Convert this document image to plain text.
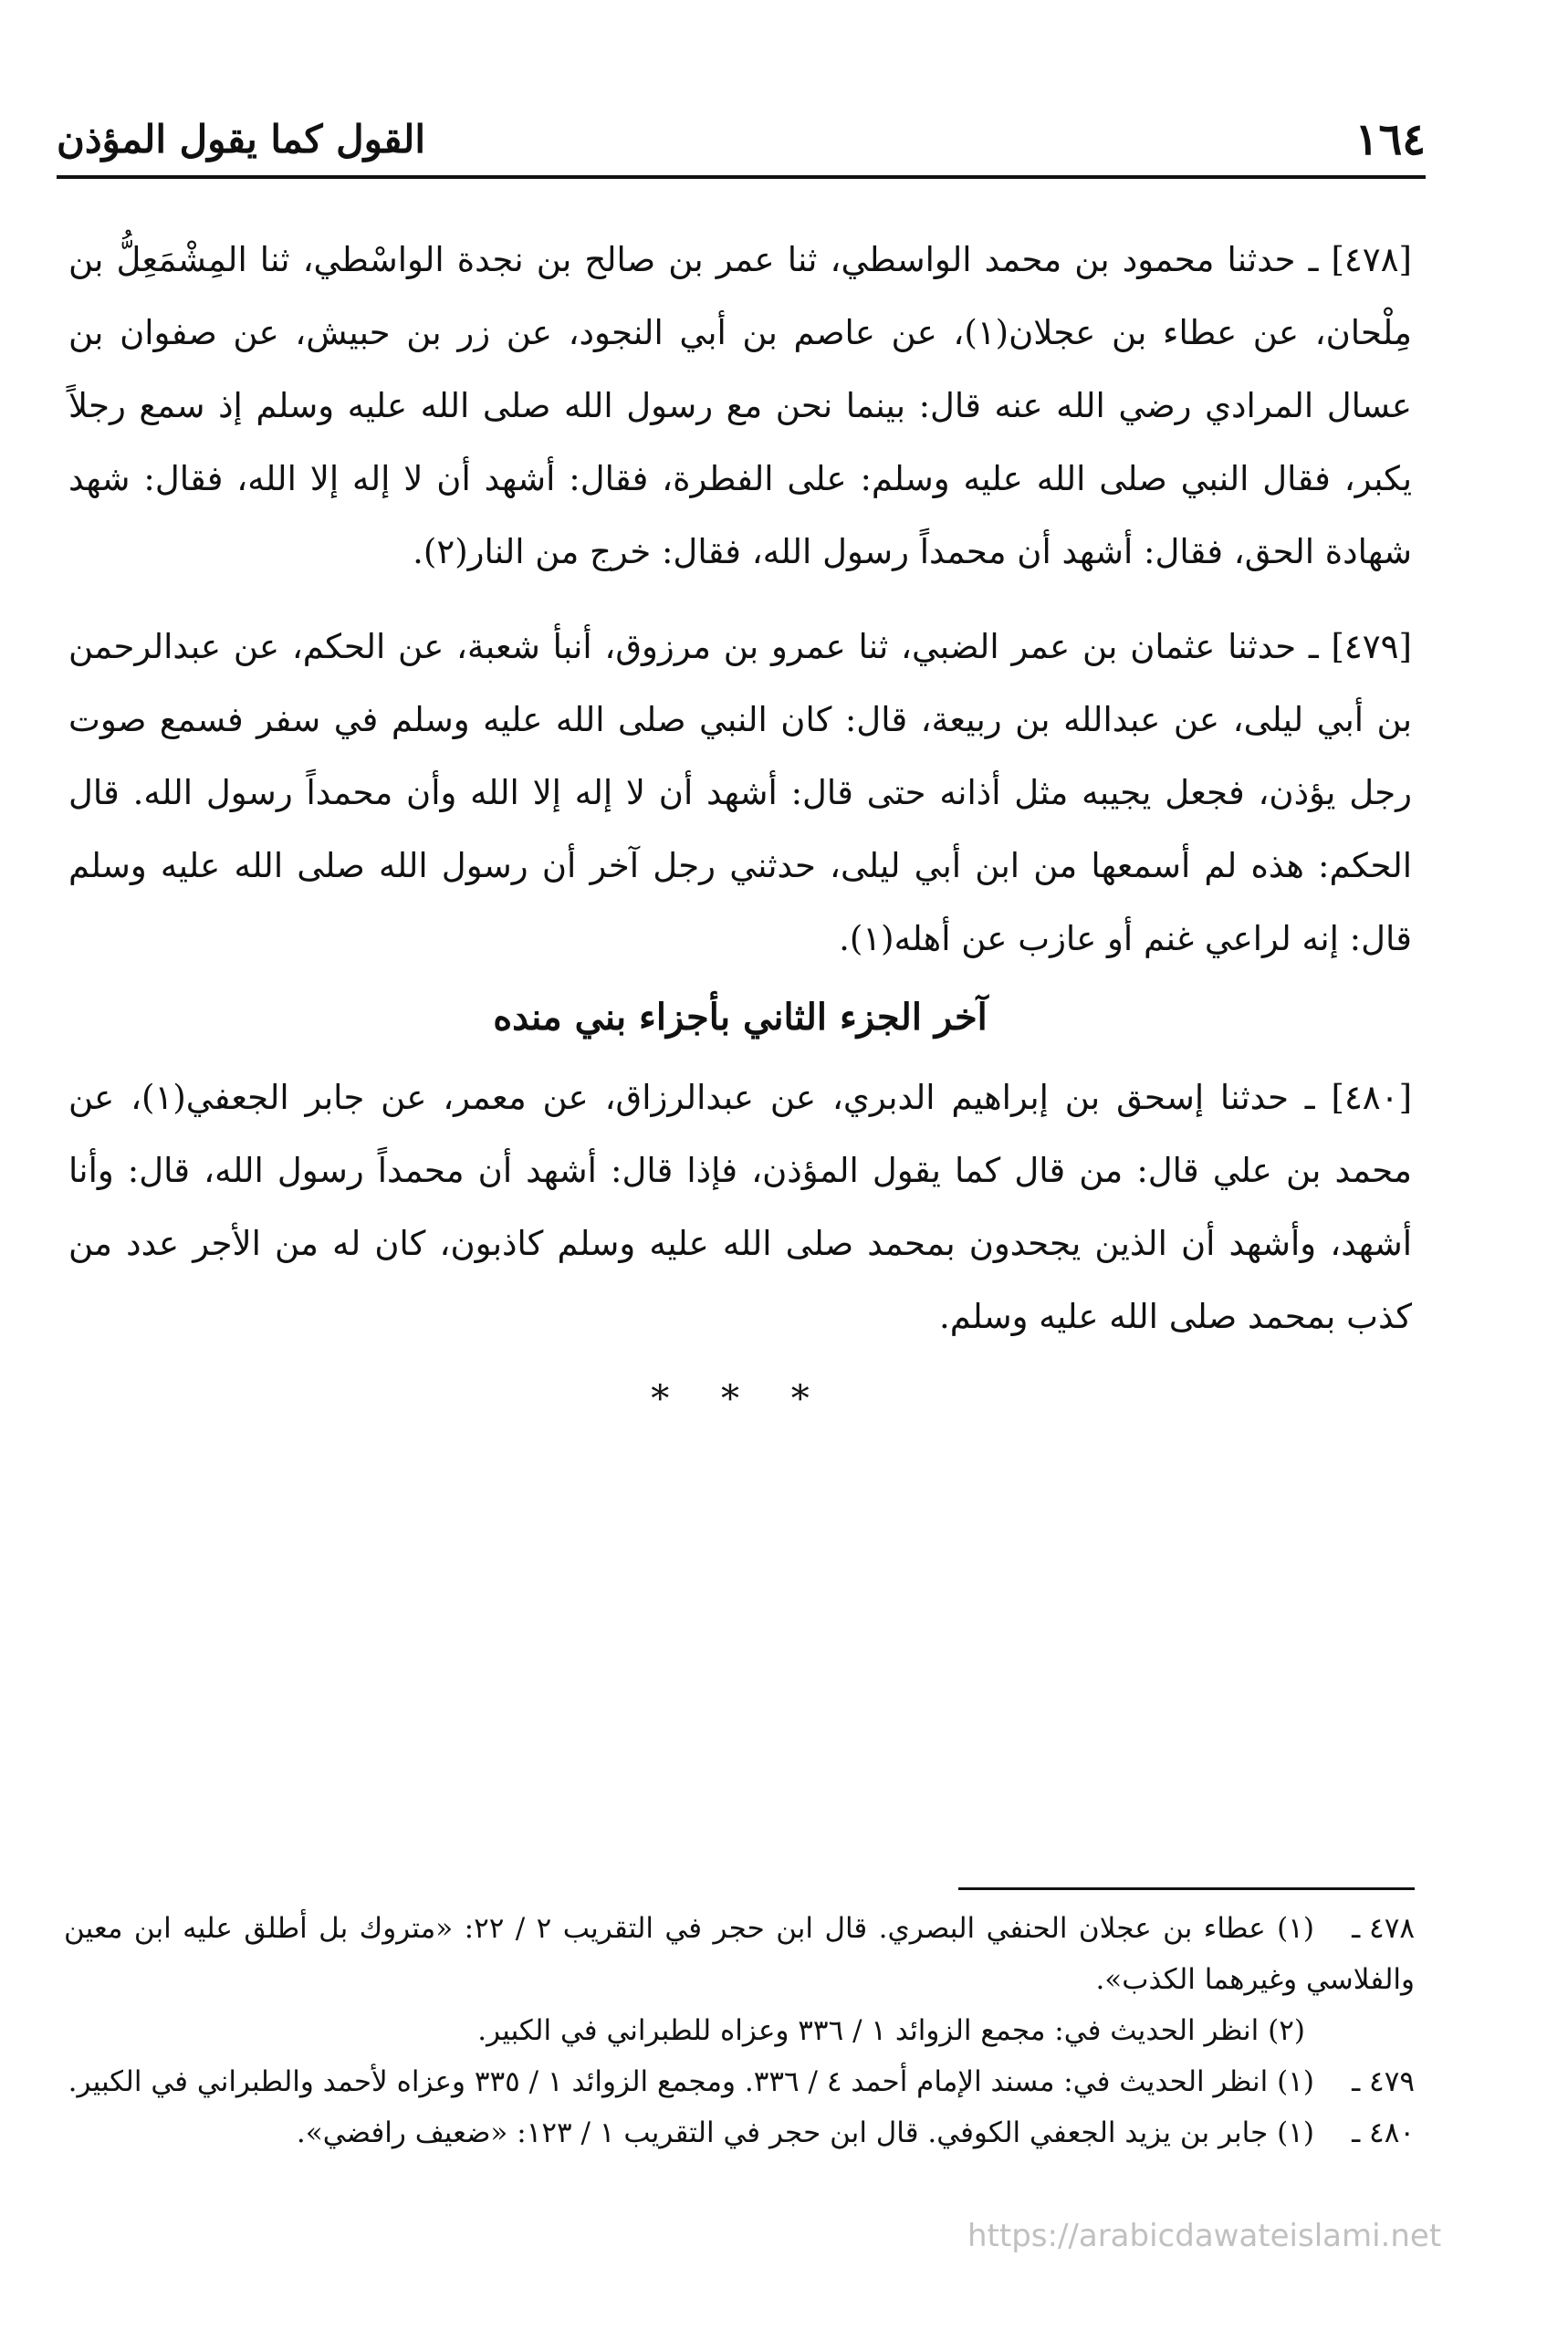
١٦٤
القول كما يقول المؤذن

[٤٧٨] ـ حدثنا محمود بن محمد الواسطي، ثنا عمر بن صالح بن نجدة الواسْطي، ثنا المِشْمَعِلُّ بن مِلْحان، عن عطاء بن عجلان(١)، عن عاصم بن أبي النجود، عن زر بن حبيش، عن صفوان بن عسال المرادي رضي الله عنه قال: بينما نحن مع رسول الله صلى الله عليه وسلم إذ سمع رجلاً يكبر، فقال النبي صلى الله عليه وسلم: على الفطرة، فقال: أشهد أن لا إله إلا الله، فقال: شهد شهادة الحق، فقال: أشهد أن محمداً رسول الله، فقال: خرج من النار(٢).

[٤٧٩] ـ حدثنا عثمان بن عمر الضبي، ثنا عمرو بن مرزوق، أنبأ شعبة، عن الحكم، عن عبدالرحمن بن أبي ليلى، عن عبدالله بن ربيعة، قال: كان النبي صلى الله عليه وسلم في سفر فسمع صوت رجل يؤذن، فجعل يجيبه مثل أذانه حتى قال: أشهد أن لا إله إلا الله وأن محمداً رسول الله. قال الحكم: هذه لم أسمعها من ابن أبي ليلى، حدثني رجل آخر أن رسول الله صلى الله عليه وسلم قال: إنه لراعي غنم أو عازب عن أهله(١).

آخر الجزء الثاني بأجزاء بني منده

[٤٨٠] ـ حدثنا إسحق بن إبراهيم الدبري، عن عبدالرزاق، عن معمر، عن جابر الجعفي(١)، عن محمد بن علي قال: من قال كما يقول المؤذن، فإذا قال: أشهد أن محمداً رسول الله، قال: وأنا أشهد، وأشهد أن الذين يجحدون بمحمد صلى الله عليه وسلم كاذبون، كان له من الأجر عدد من كذب بمحمد صلى الله عليه وسلم.

* * *

٤٧٨ ـ(١) عطاء بن عجلان الحنفي البصري. قال ابن حجر في التقريب ٢ / ٢٢: «متروك بل أطلق عليه ابن معين والفلاسي وغيرهما الكذب».

(٢) انظر الحديث في: مجمع الزوائد ١ / ٣٣٦ وعزاه للطبراني في الكبير.

٤٧٩ ـ(١) انظر الحديث في: مسند الإمام أحمد ٤ / ٣٣٦. ومجمع الزوائد ١ / ٣٣٥ وعزاه لأحمد والطبراني في الكبير.

٤٨٠ ـ(١) جابر بن يزيد الجعفي الكوفي. قال ابن حجر في التقريب ١ / ١٢٣: «ضعيف رافضي».

https://arabicdawateislami.net
